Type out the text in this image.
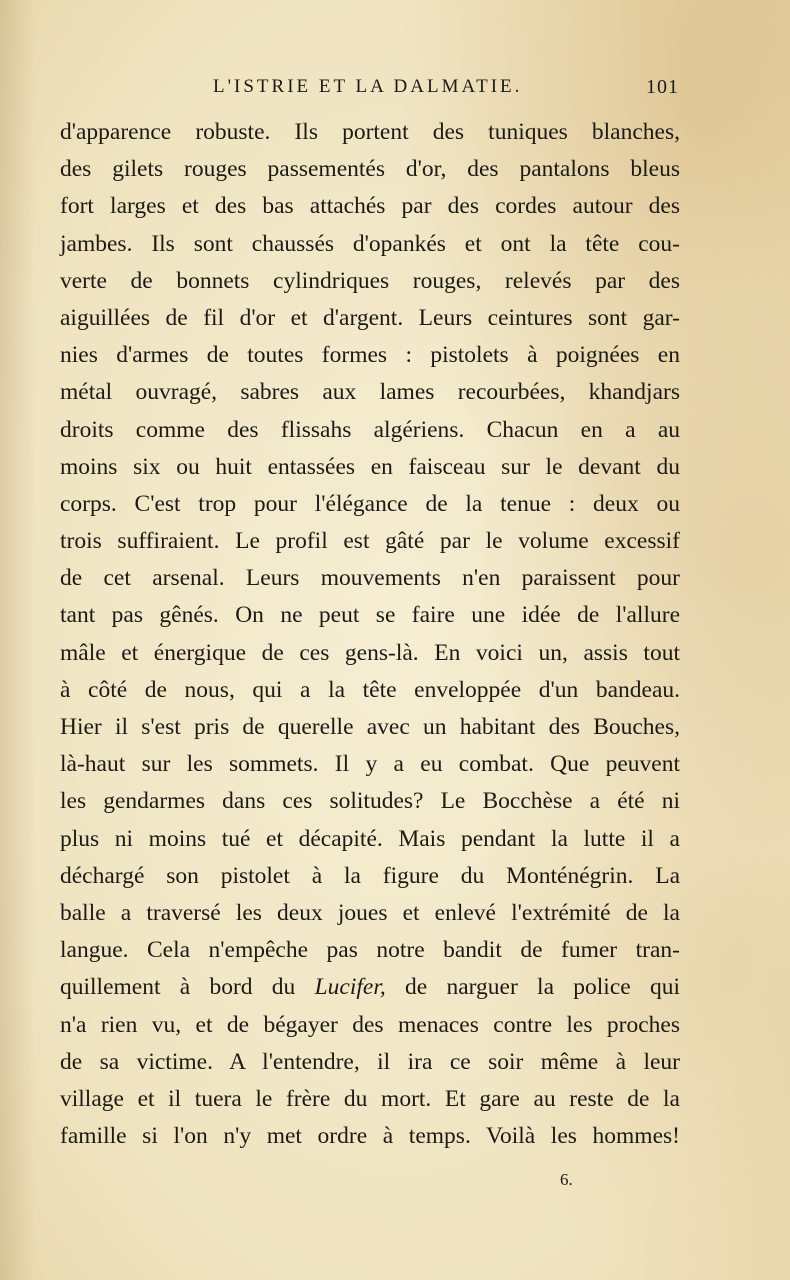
L'ISTRIE ET LA DALMATIE.	101
d'apparence robuste. Ils portent des tuniques blanches,
des gilets rouges passementés d'or, des pantalons bleus
fort larges et des bas attachés par des cordes autour des
jambes. Ils sont chaussés d'opankés et ont la tête cou-
verte de bonnets cylindriques rouges, relevés par des
aiguillées de fil d'or et d'argent. Leurs ceintures sont gar-
nies d'armes de toutes formes : pistolets à poignées en
métal ouvragé, sabres aux lames recourbées, khandjars
droits comme des flissahs algériens. Chacun en a au
moins six ou huit entassées en faisceau sur le devant du
corps. C'est trop pour l'élégance de la tenue : deux ou
trois suffiraient. Le profil est gâté par le volume excessif
de cet arsenal. Leurs mouvements n'en paraissent pour
tant pas gênés. On ne peut se faire une idée de l'allure
mâle et énergique de ces gens-là. En voici un, assis tout
à côté de nous, qui a la tête enveloppée d'un bandeau.
Hier il s'est pris de querelle avec un habitant des Bouches,
là-haut sur les sommets. Il y a eu combat. Que peuvent
les gendarmes dans ces solitudes? Le Bocchèse a été ni
plus ni moins tué et décapité. Mais pendant la lutte il a
déchargé son pistolet à la figure du Monténégrin. La
balle a traversé les deux joues et enlevé l'extrémité de la
langue. Cela n'empêche pas notre bandit de fumer tran-
quillement à bord du Lucifer, de narguer la police qui
n'a rien vu, et de bégayer des menaces contre les proches
de sa victime. A l'entendre, il ira ce soir même à leur
village et il tuera le frère du mort. Et gare au reste de la
famille si l'on n'y met ordre à temps. Voilà les hommes!
6.
